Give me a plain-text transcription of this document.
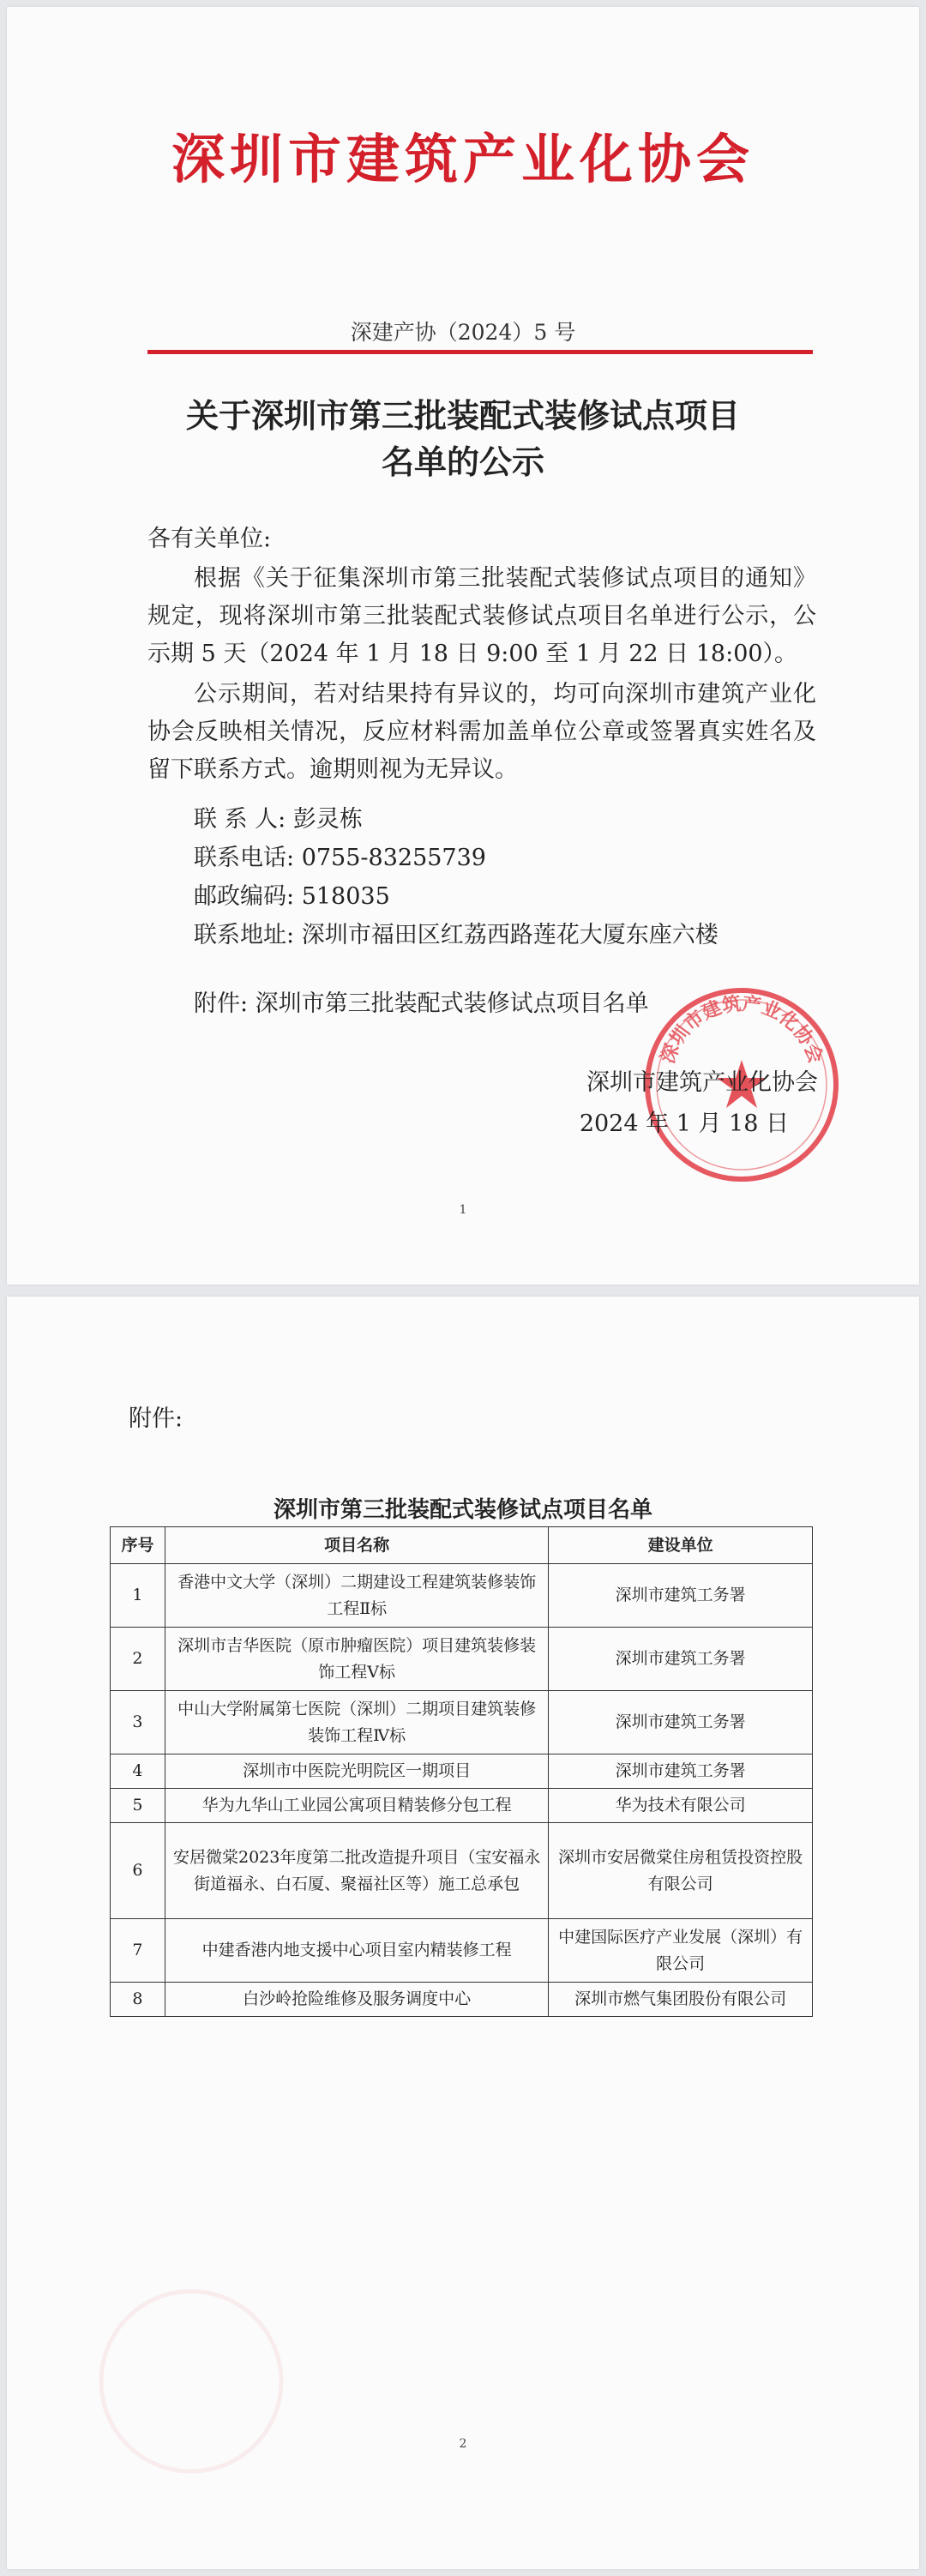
深圳市建筑产业化协会
深建产协（2024）5 号
关于深圳市第三批装配式装修试点项目
名单的公示
各有关单位:
根据《关于征集深圳市第三批装配式装修试点项目的通知》规定，现将深圳市第三批装配式装修试点项目名单进行公示，公示期 5 天（2024 年 1 月 18 日 9:00 至 1 月 22 日 18:00）。
公示期间，若对结果持有异议的，均可向深圳市建筑产业化协会反映相关情况，反应材料需加盖单位公章或签署真实姓名及留下联系方式。逾期则视为无异议。
联 系 人: 彭灵栋
联系电话: 0755-83255739
邮政编码: 518035
联系地址: 深圳市福田区红荔西路莲花大厦东座六楼
附件: 深圳市第三批装配式装修试点项目名单
深圳市建筑产业化协会
深圳市建筑产业化协会
2024 年 1 月 18 日
1
附件:
深圳市第三批装配式装修试点项目名单
序号	项目名称	建设单位
1	香港中文大学（深圳）二期建设工程建筑装修装饰工程Ⅱ标	深圳市建筑工务署
2	深圳市吉华医院（原市肿瘤医院）项目建筑装修装饰工程Ⅴ标	深圳市建筑工务署
3	中山大学附属第七医院（深圳）二期项目建筑装修装饰工程Ⅳ标	深圳市建筑工务署
4	深圳市中医院光明院区一期项目	深圳市建筑工务署
5	华为九华山工业园公寓项目精装修分包工程	华为技术有限公司
6	安居微棠2023年度第二批改造提升项目（宝安福永街道福永、白石厦、聚福社区等）施工总承包	深圳市安居微棠住房租赁投资控股有限公司
7	中建香港内地支援中心项目室内精装修工程	中建国际医疗产业发展（深圳）有限公司
8	白沙岭抢险维修及服务调度中心	深圳市燃气集团股份有限公司
2
